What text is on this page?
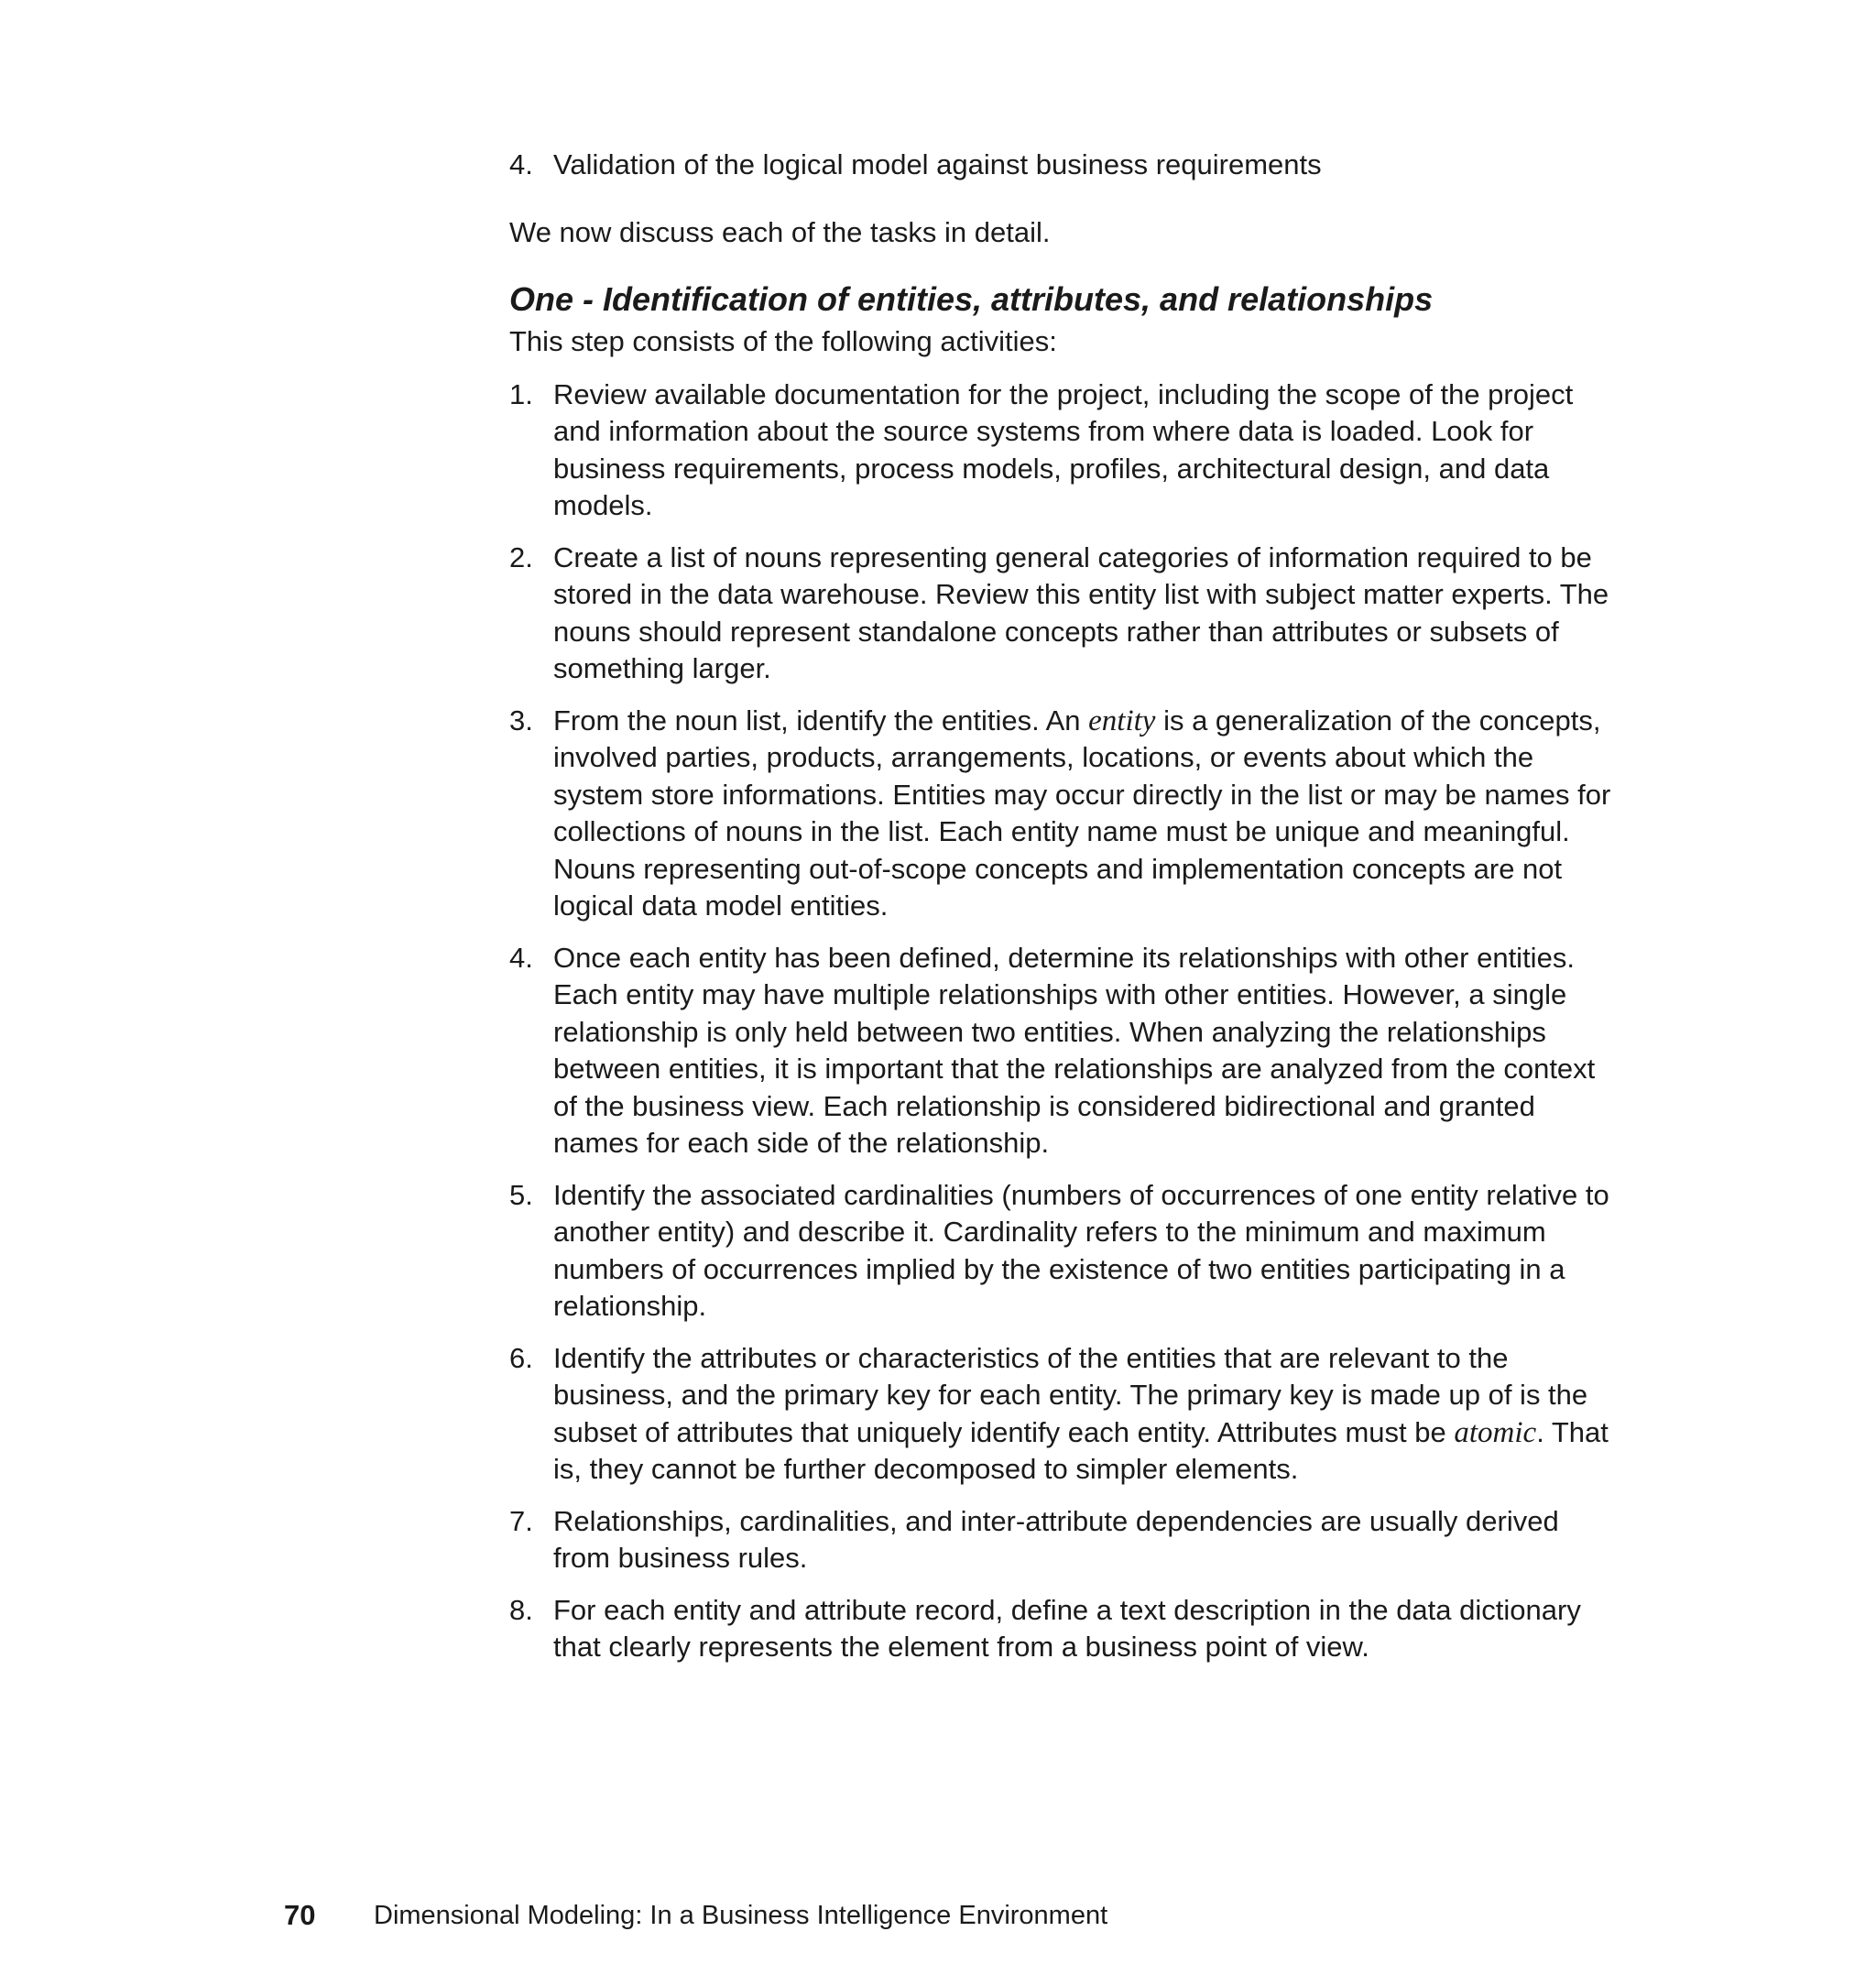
4. Validation of the logical model against business requirements

We now discuss each of the tasks in detail.

One - Identification of entities, attributes, and relationships

This step consists of the following activities:

1. Review available documentation for the project, including the scope of the project and information about the source systems from where data is loaded. Look for business requirements, process models, profiles, architectural design, and data models.
2. Create a list of nouns representing general categories of information required to be stored in the data warehouse. Review this entity list with subject matter experts. The nouns should represent standalone concepts rather than attributes or subsets of something larger.
3. From the noun list, identify the entities. An entity is a generalization of the concepts, involved parties, products, arrangements, locations, or events about which the system store informations. Entities may occur directly in the list or may be names for collections of nouns in the list. Each entity name must be unique and meaningful. Nouns representing out-of-scope concepts and implementation concepts are not logical data model entities.
4. Once each entity has been defined, determine its relationships with other entities. Each entity may have multiple relationships with other entities. However, a single relationship is only held between two entities. When analyzing the relationships between entities, it is important that the relationships are analyzed from the context of the business view. Each relationship is considered bidirectional and granted names for each side of the relationship.
5. Identify the associated cardinalities (numbers of occurrences of one entity relative to another entity) and describe it. Cardinality refers to the minimum and maximum numbers of occurrences implied by the existence of two entities participating in a relationship.
6. Identify the attributes or characteristics of the entities that are relevant to the business, and the primary key for each entity. The primary key is made up of is the subset of attributes that uniquely identify each entity. Attributes must be atomic. That is, they cannot be further decomposed to simpler elements.
7. Relationships, cardinalities, and inter-attribute dependencies are usually derived from business rules.
8. For each entity and attribute record, define a text description in the data dictionary that clearly represents the element from a business point of view.
70	Dimensional Modeling: In a Business Intelligence Environment
